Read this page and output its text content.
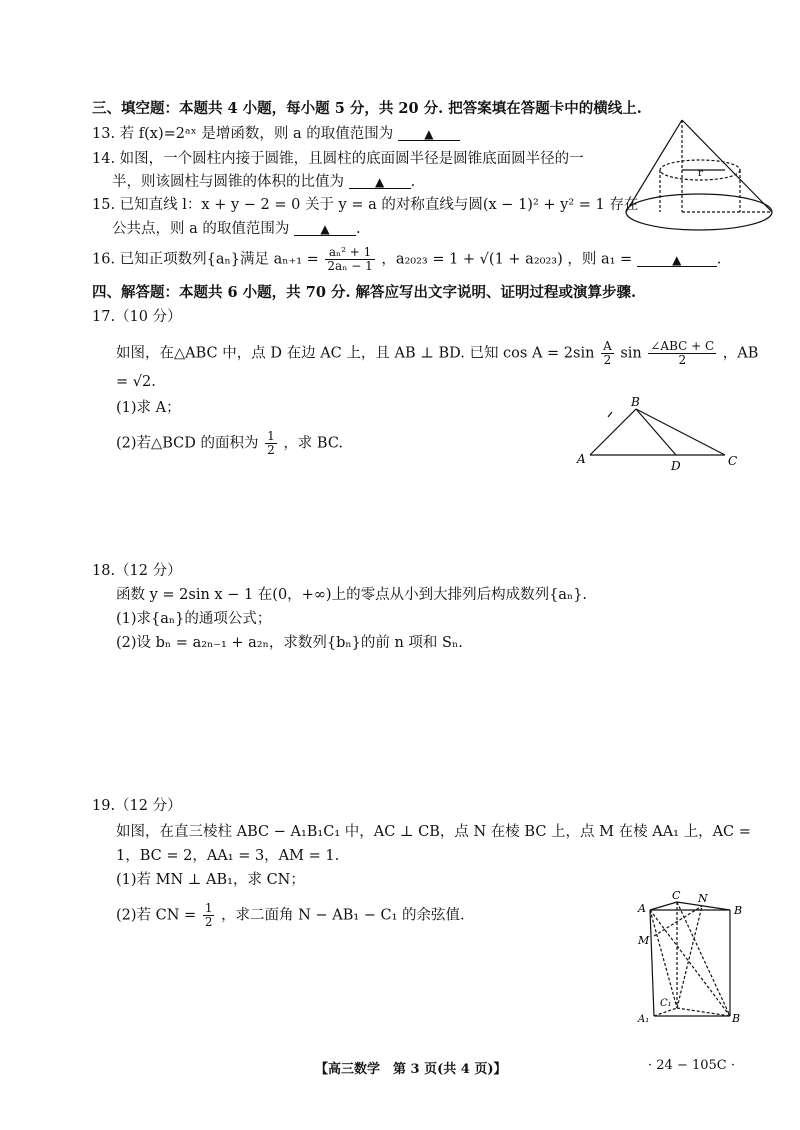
三、填空题：本题共 4 小题，每小题 5 分，共 20 分. 把答案填在答题卡中的横线上.
13. 若 f(x)=2ᵃˣ 是增函数，则 a 的取值范围为	▲
14. 如图，一个圆柱内接于圆锥，且圆柱的底面圆半径是圆锥底面圆半径的一
半，则该圆柱与圆锥的体积的比值为	▲ .
15. 已知直线 l：x + y − 2 = 0 关于 y = a 的对称直线与圆(x − 1)² + y² = 1 存在
公共点，则 a 的取值范围为	▲ .
16. 已知正项数列{aₙ}满足 $a_{n+1} = \frac{\text{aₙ² + 1}}{\text{2aₙ − 1}}$ ，a₂₀₂₃ = 1 + √(1 + a₂₀₂₃) ，则 a₁ =	▲ .
r
四、解答题：本题共 6 小题，共 70 分. 解答应写出文字说明、证明过程或演算步骤.
17.（10 分）
如图，在△ABC 中，点 D 在边 AC 上，且 AB ⊥ BD. 已知 $\cos A = 2\sin \frac{A}{2}$ $\sin \frac{\text{∠ABC + C}}{2}$ ，AB
= √2.
(1)求 A；
(2)若△BCD 的面积为 $\frac{1}{2}$ ，求 BC.
A
B
C
D
18.（12 分）
函数 y = 2sin x − 1 在(0，+∞)上的零点从小到大排列后构成数列{aₙ}.
(1)求{aₙ}的通项公式；
(2)设 bₙ = a₂ₙ₋₁ + a₂ₙ，求数列{bₙ}的前 n 项和 Sₙ.
19.（12 分）
如图，在直三棱柱 ABC − A₁B₁C₁ 中，AC ⊥ CB，点 N 在棱 BC 上，点 M 在棱 AA₁ 上，AC =
1，BC = 2，AA₁ = 3，AM = 1.
(1)若 MN ⊥ AB₁，求 CN；
(2)若 CN = $\frac{1}{2}$ ，求二面角 N − AB₁ − C₁ 的余弦值.	A
C N
B
M
C₁
A₁	B
【高三数学　第 3 页(共 4 页)】	· 24 − 105C ·
